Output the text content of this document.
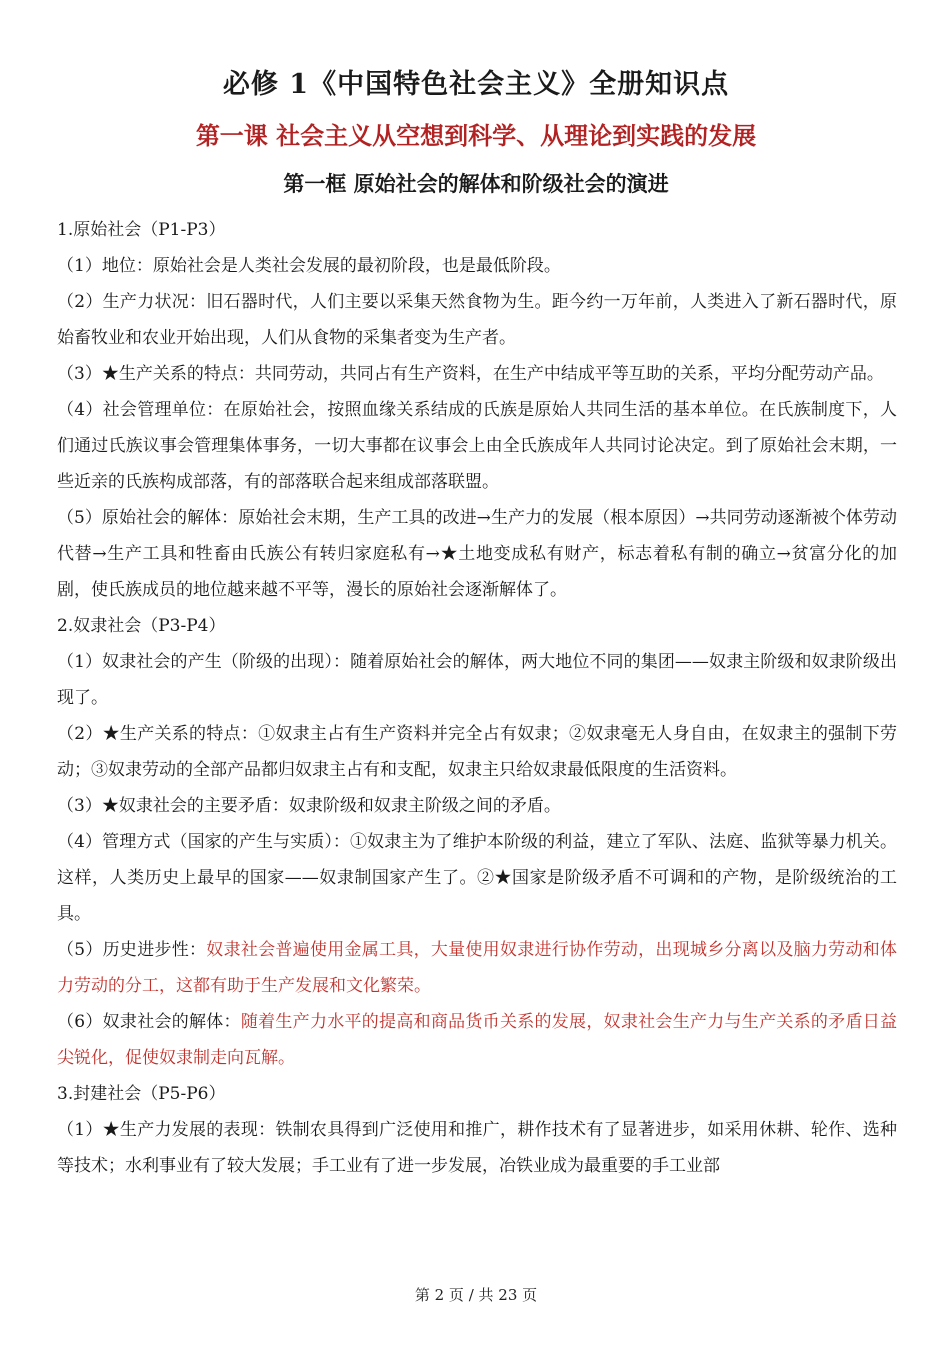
必修 1《中国特色社会主义》全册知识点
第一课 社会主义从空想到科学、从理论到实践的发展
第一框 原始社会的解体和阶级社会的演进

1.原始社会（P1-P3）

（1）地位：原始社会是人类社会发展的最初阶段，也是最低阶段。

（2）生产力状况：旧石器时代，人们主要以采集天然食物为生。距今约一万年前，人类进入了新石器时代，原始畜牧业和农业开始出现，人们从食物的采集者变为生产者。

（3）★生产关系的特点：共同劳动，共同占有生产资料，在生产中结成平等互助的关系，平均分配劳动产品。

（4）社会管理单位：在原始社会，按照血缘关系结成的氏族是原始人共同生活的基本单位。在氏族制度下，人们通过氏族议事会管理集体事务，一切大事都在议事会上由全氏族成年人共同讨论决定。到了原始社会末期，一些近亲的氏族构成部落，有的部落联合起来组成部落联盟。

（5）原始社会的解体：原始社会末期，生产工具的改进→生产力的发展（根本原因）→共同劳动逐渐被个体劳动代替→生产工具和牲畜由氏族公有转归家庭私有→★土地变成私有财产，标志着私有制的确立→贫富分化的加剧，使氏族成员的地位越来越不平等，漫长的原始社会逐渐解体了。

2.奴隶社会（P3-P4）

（1）奴隶社会的产生（阶级的出现）：随着原始社会的解体，两大地位不同的集团——奴隶主阶级和奴隶阶级出现了。

（2）★生产关系的特点：①奴隶主占有生产资料并完全占有奴隶；②奴隶毫无人身自由，在奴隶主的强制下劳动；③奴隶劳动的全部产品都归奴隶主占有和支配，奴隶主只给奴隶最低限度的生活资料。

（3）★奴隶社会的主要矛盾：奴隶阶级和奴隶主阶级之间的矛盾。

（4）管理方式（国家的产生与实质）：①奴隶主为了维护本阶级的利益，建立了军队、法庭、监狱等暴力机关。这样，人类历史上最早的国家——奴隶制国家产生了。②★国家是阶级矛盾不可调和的产物，是阶级统治的工具。

（5）历史进步性：奴隶社会普遍使用金属工具，大量使用奴隶进行协作劳动，出现城乡分离以及脑力劳动和体力劳动的分工，这都有助于生产发展和文化繁荣。

（6）奴隶社会的解体：随着生产力水平的提高和商品货币关系的发展，奴隶社会生产力与生产关系的矛盾日益尖锐化，促使奴隶制走向瓦解。

3.封建社会（P5-P6）

（1）★生产力发展的表现：铁制农具得到广泛使用和推广，耕作技术有了显著进步，如采用休耕、轮作、选种等技术；水利事业有了较大发展；手工业有了进一步发展，冶铁业成为最重要的手工业部

第 2 页 / 共 23 页
